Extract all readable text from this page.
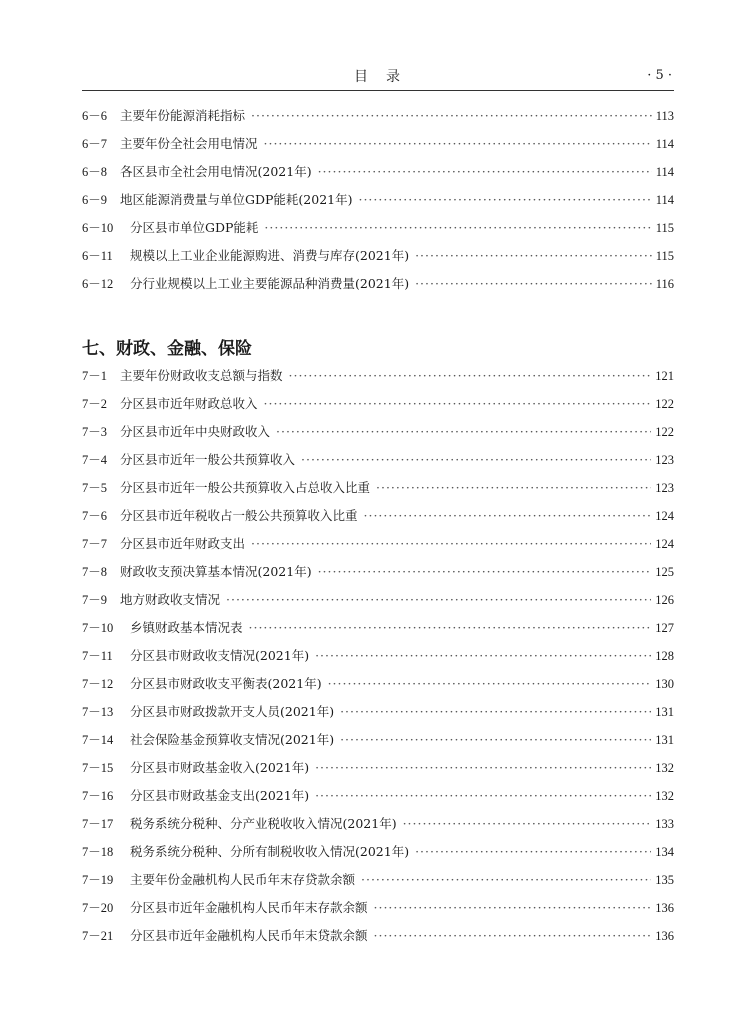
目　录	· 5 ·
6－6	主要年份能源消耗指标 ·····	113
6－7	主要年份全社会用电情况 ·····	114
6－8	各区县市全社会用电情况(2021年) ·····	114
6－9	地区能源消费量与单位GDP能耗(2021年) ·····	114
6－10	分区县市单位GDP能耗 ·····	115
6－11	规模以上工业企业能源购进、消费与库存(2021年) ·····	115
6－12	分行业规模以上工业主要能源品种消费量(2021年) ·····	116
七、财政、金融、保险
7－1	主要年份财政收支总额与指数 ·····	121
7－2	分区县市近年财政总收入 ·····	122
7－3	分区县市近年中央财政收入 ·····	122
7－4	分区县市近年一般公共预算收入 ·····	123
7－5	分区县市近年一般公共预算收入占总收入比重 ·····	123
7－6	分区县市近年税收占一般公共预算收入比重 ·····	124
7－7	分区县市近年财政支出 ·····	124
7－8	财政收支预决算基本情况(2021年) ·····	125
7－9	地方财政收支情况 ·····	126
7－10	乡镇财政基本情况表 ·····	127
7－11	分区县市财政收支情况(2021年) ·····	128
7－12	分区县市财政收支平衡表(2021年) ·····	130
7－13	分区县市财政拨款开支人员(2021年) ·····	131
7－14	社会保险基金预算收支情况(2021年) ·····	131
7－15	分区县市财政基金收入(2021年) ·····	132
7－16	分区县市财政基金支出(2021年) ·····	132
7－17	税务系统分税种、分产业税收收入情况(2021年) ·····	133
7－18	税务系统分税种、分所有制税收收入情况(2021年) ·····	134
7－19	主要年份金融机构人民币年末存贷款余额 ·····	135
7－20	分区县市近年金融机构人民币年末存款余额 ·····	136
7－21	分区县市近年金融机构人民币年末贷款余额 ·····	136
